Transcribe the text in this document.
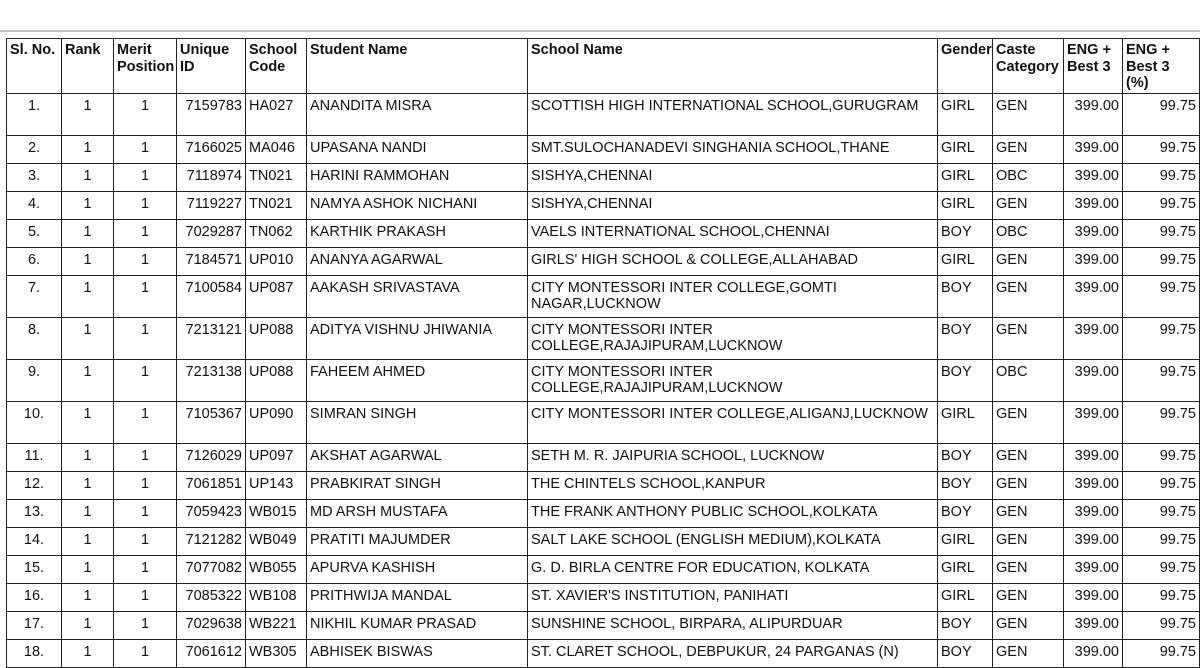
Sl. No.	Rank	Merit Position	Unique ID	School Code	Student Name	School Name	Gender	Caste Category	ENG + Best 3	ENG + Best 3 (%)
1.	1	1	7159783	HA027	ANANDITA MISRA	SCOTTISH HIGH INTERNATIONAL SCHOOL,GURUGRAM	GIRL	GEN	399.00	99.75
2.	1	1	7166025	MA046	UPASANA NANDI	SMT.SULOCHANADEVI SINGHANIA SCHOOL,THANE	GIRL	GEN	399.00	99.75
3.	1	1	7118974	TN021	HARINI RAMMOHAN	SISHYA,CHENNAI	GIRL	OBC	399.00	99.75
4.	1	1	7119227	TN021	NAMYA ASHOK NICHANI	SISHYA,CHENNAI	GIRL	GEN	399.00	99.75
5.	1	1	7029287	TN062	KARTHIK PRAKASH	VAELS INTERNATIONAL SCHOOL,CHENNAI	BOY	OBC	399.00	99.75
6.	1	1	7184571	UP010	ANANYA AGARWAL	GIRLS' HIGH SCHOOL & COLLEGE,ALLAHABAD	GIRL	GEN	399.00	99.75
7.	1	1	7100584	UP087	AAKASH SRIVASTAVA	CITY MONTESSORI INTER COLLEGE,GOMTI NAGAR,LUCKNOW	BOY	GEN	399.00	99.75
8.	1	1	7213121	UP088	ADITYA VISHNU JHIWANIA	CITY MONTESSORI INTER COLLEGE,RAJAJIPURAM,LUCKNOW	BOY	GEN	399.00	99.75
9.	1	1	7213138	UP088	FAHEEM AHMED	CITY MONTESSORI INTER COLLEGE,RAJAJIPURAM,LUCKNOW	BOY	OBC	399.00	99.75
10.	1	1	7105367	UP090	SIMRAN SINGH	CITY MONTESSORI INTER COLLEGE,ALIGANJ,LUCKNOW	GIRL	GEN	399.00	99.75
11.	1	1	7126029	UP097	AKSHAT AGARWAL	SETH M. R. JAIPURIA SCHOOL, LUCKNOW	BOY	GEN	399.00	99.75
12.	1	1	7061851	UP143	PRABKIRAT SINGH	THE CHINTELS SCHOOL,KANPUR	BOY	GEN	399.00	99.75
13.	1	1	7059423	WB015	MD ARSH MUSTAFA	THE FRANK ANTHONY PUBLIC SCHOOL,KOLKATA	BOY	GEN	399.00	99.75
14.	1	1	7121282	WB049	PRATITI MAJUMDER	SALT LAKE SCHOOL (ENGLISH MEDIUM),KOLKATA	GIRL	GEN	399.00	99.75
15.	1	1	7077082	WB055	APURVA KASHISH	G. D. BIRLA CENTRE FOR EDUCATION, KOLKATA	GIRL	GEN	399.00	99.75
16.	1	1	7085322	WB108	PRITHWIJA MANDAL	ST. XAVIER'S INSTITUTION, PANIHATI	GIRL	GEN	399.00	99.75
17.	1	1	7029638	WB221	NIKHIL KUMAR PRASAD	SUNSHINE SCHOOL, BIRPARA, ALIPURDUAR	BOY	GEN	399.00	99.75
18.	1	1	7061612	WB305	ABHISEK BISWAS	ST. CLARET SCHOOL, DEBPUKUR, 24 PARGANAS (N)	BOY	GEN	399.00	99.75
